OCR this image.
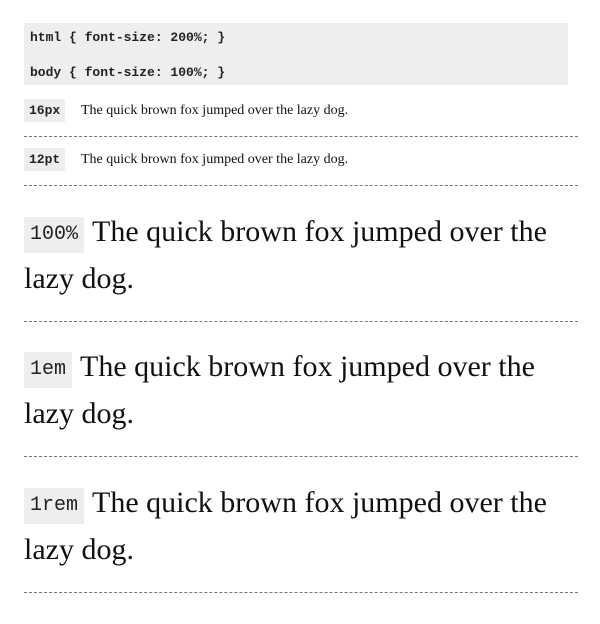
html { font-size: 200%; }
body { font-size: 100%; }
16px	The quick brown fox jumped over the lazy dog.
12pt	The quick brown fox jumped over the lazy dog.
100% The quick brown fox jumped over the lazy dog.
1em The quick brown fox jumped over the lazy dog.
1rem The quick brown fox jumped over the lazy dog.
